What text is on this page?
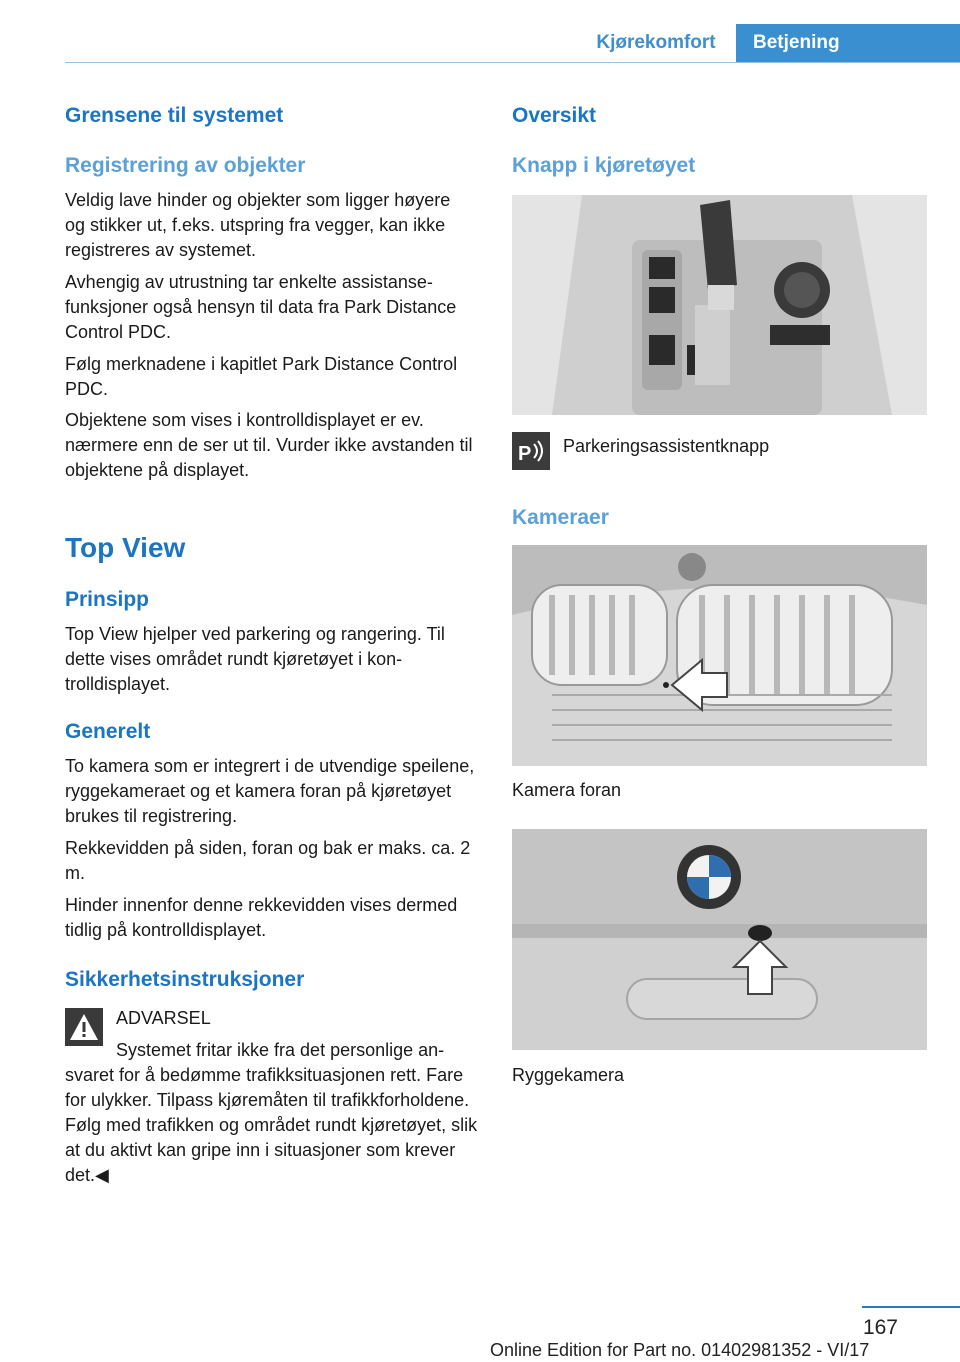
Kjørekomfort	Betjening
Grensene til systemet
Registrering av objekter

Veldig lave hinder og objekter som ligger høyere og stikker ut, f.eks. utspring fra vegger, kan ikke registreres av systemet.

Avhengig av utrustning tar enkelte assistansefunksjoner også hensyn til data fra Park Distance Control PDC.

Følg merknadene i kapitlet Park Distance Control PDC.

Objektene som vises i kontrolldisplayet er ev. nærmere enn de ser ut til. Vurder ikke avstanden til objektene på displayet.

Top View
Prinsipp

Top View hjelper ved parkering og rangering. Til dette vises området rundt kjøretøyet i kontrolldisplayet.

Generelt

To kamera som er integrert i de utvendige speilene, ryggekameraet og et kamera foran på kjøretøyet brukes til registrering.

Rekkevidden på siden, foran og bak er maks. ca. 2 m.

Hinder innenfor denne rekkevidden vises dermed tidlig på kontrolldisplayet.

Sikkerhetsinstruksjoner

ADVARSEL

Systemet fritar ikke fra det personlige ansvaret for å bedømme trafikksituasjonen rett. Fare for ulykker. Tilpass kjøremåten til trafikkforholdene. Følg med trafikken og området rundt kjøretøyet, slik at du aktivt kan gripe inn i situasjoner som krever det.◀

Oversikt
Knapp i kjøretøyet
P Parkeringsassistentknapp

Kameraer

Kamera foran

Ryggekamera

167
Online Edition for Part no. 01402981352 - VI/17
